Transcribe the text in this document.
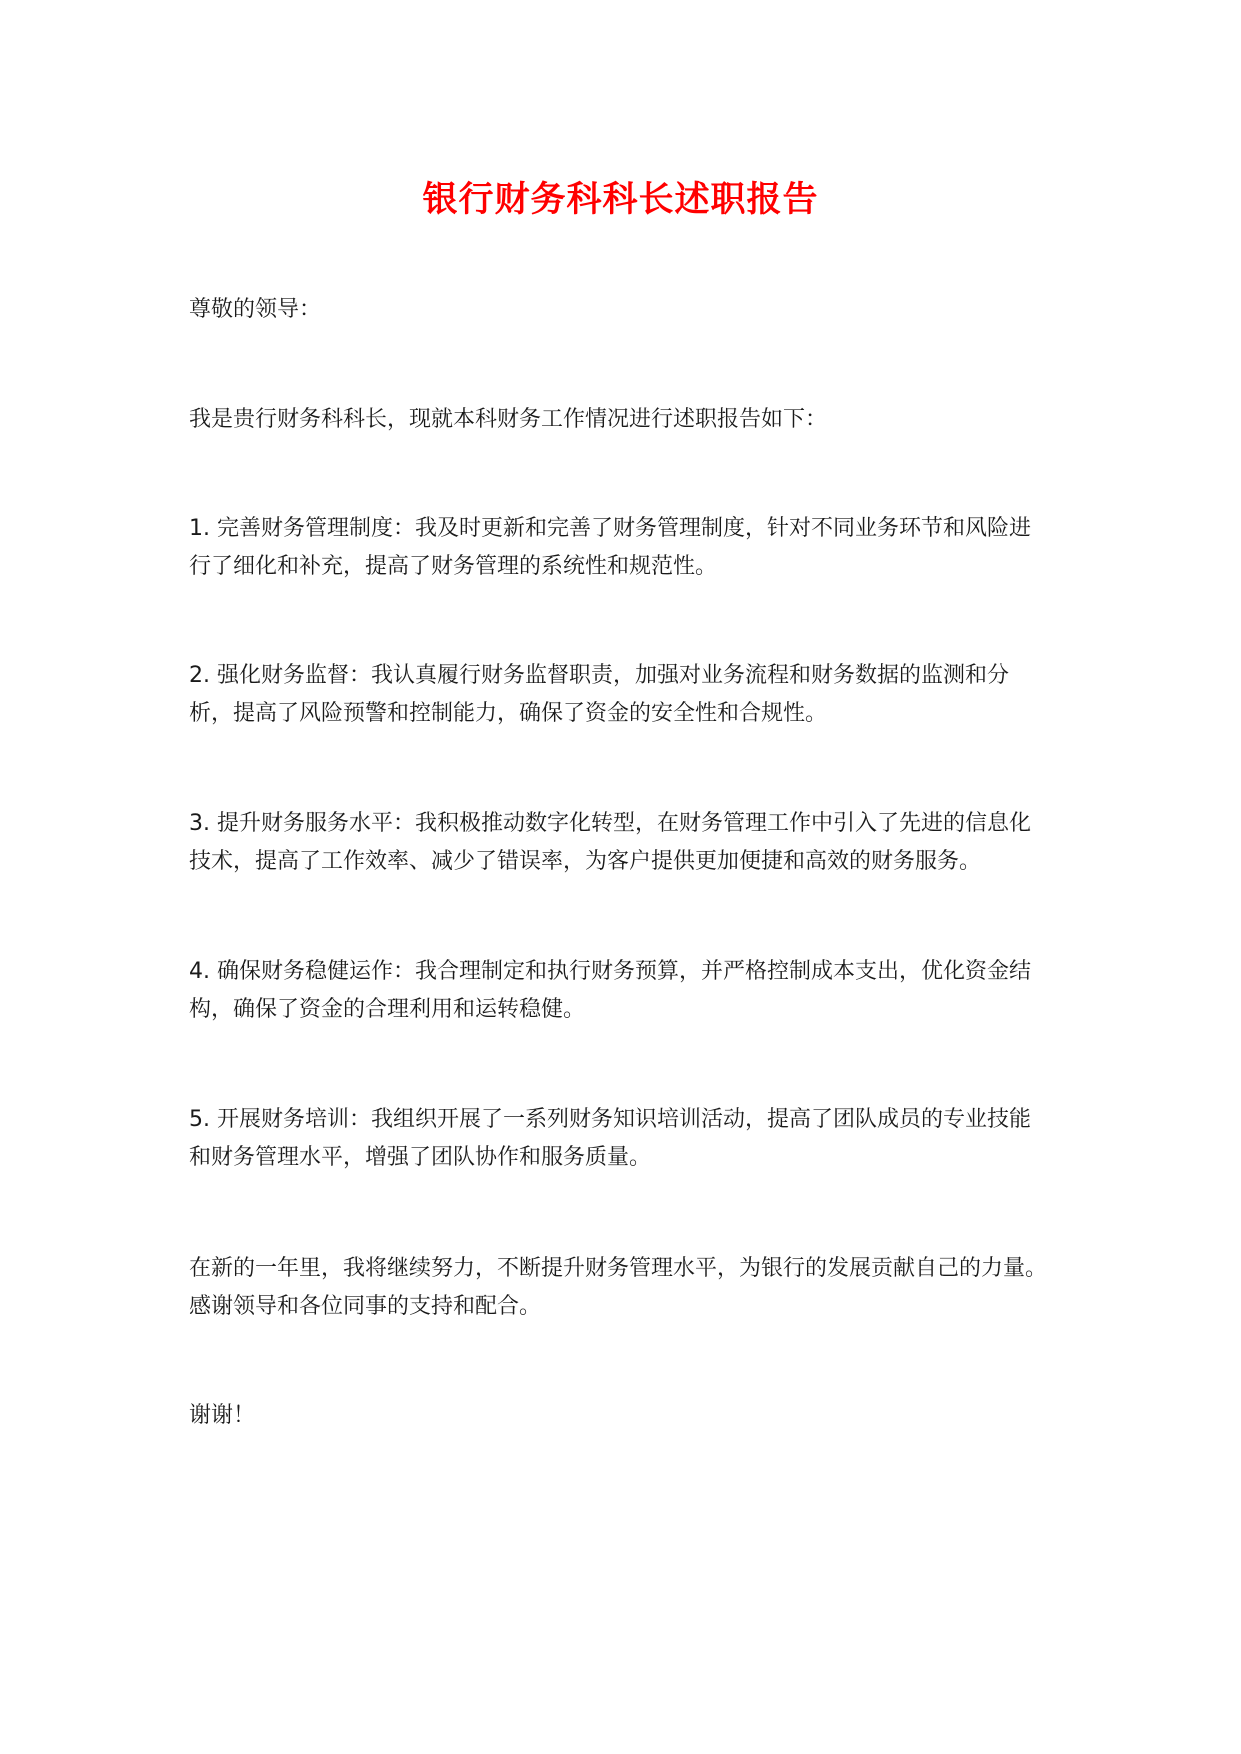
银行财务科科长述职报告

尊敬的领导：

我是贵行财务科科长，现就本科财务工作情况进行述职报告如下：

1. 完善财务管理制度：我及时更新和完善了财务管理制度，针对不同业务环节和风险进行了细化和补充，提高了财务管理的系统性和规范性。

2. 强化财务监督：我认真履行财务监督职责，加强对业务流程和财务数据的监测和分析，提高了风险预警和控制能力，确保了资金的安全性和合规性。

3. 提升财务服务水平：我积极推动数字化转型，在财务管理工作中引入了先进的信息化技术，提高了工作效率、减少了错误率，为客户提供更加便捷和高效的财务服务。

4. 确保财务稳健运作：我合理制定和执行财务预算，并严格控制成本支出，优化资金结构，确保了资金的合理利用和运转稳健。

5. 开展财务培训：我组织开展了一系列财务知识培训活动，提高了团队成员的专业技能和财务管理水平，增强了团队协作和服务质量。

在新的一年里，我将继续努力，不断提升财务管理水平，为银行的发展贡献自己的力量。感谢领导和各位同事的支持和配合。

谢谢！
